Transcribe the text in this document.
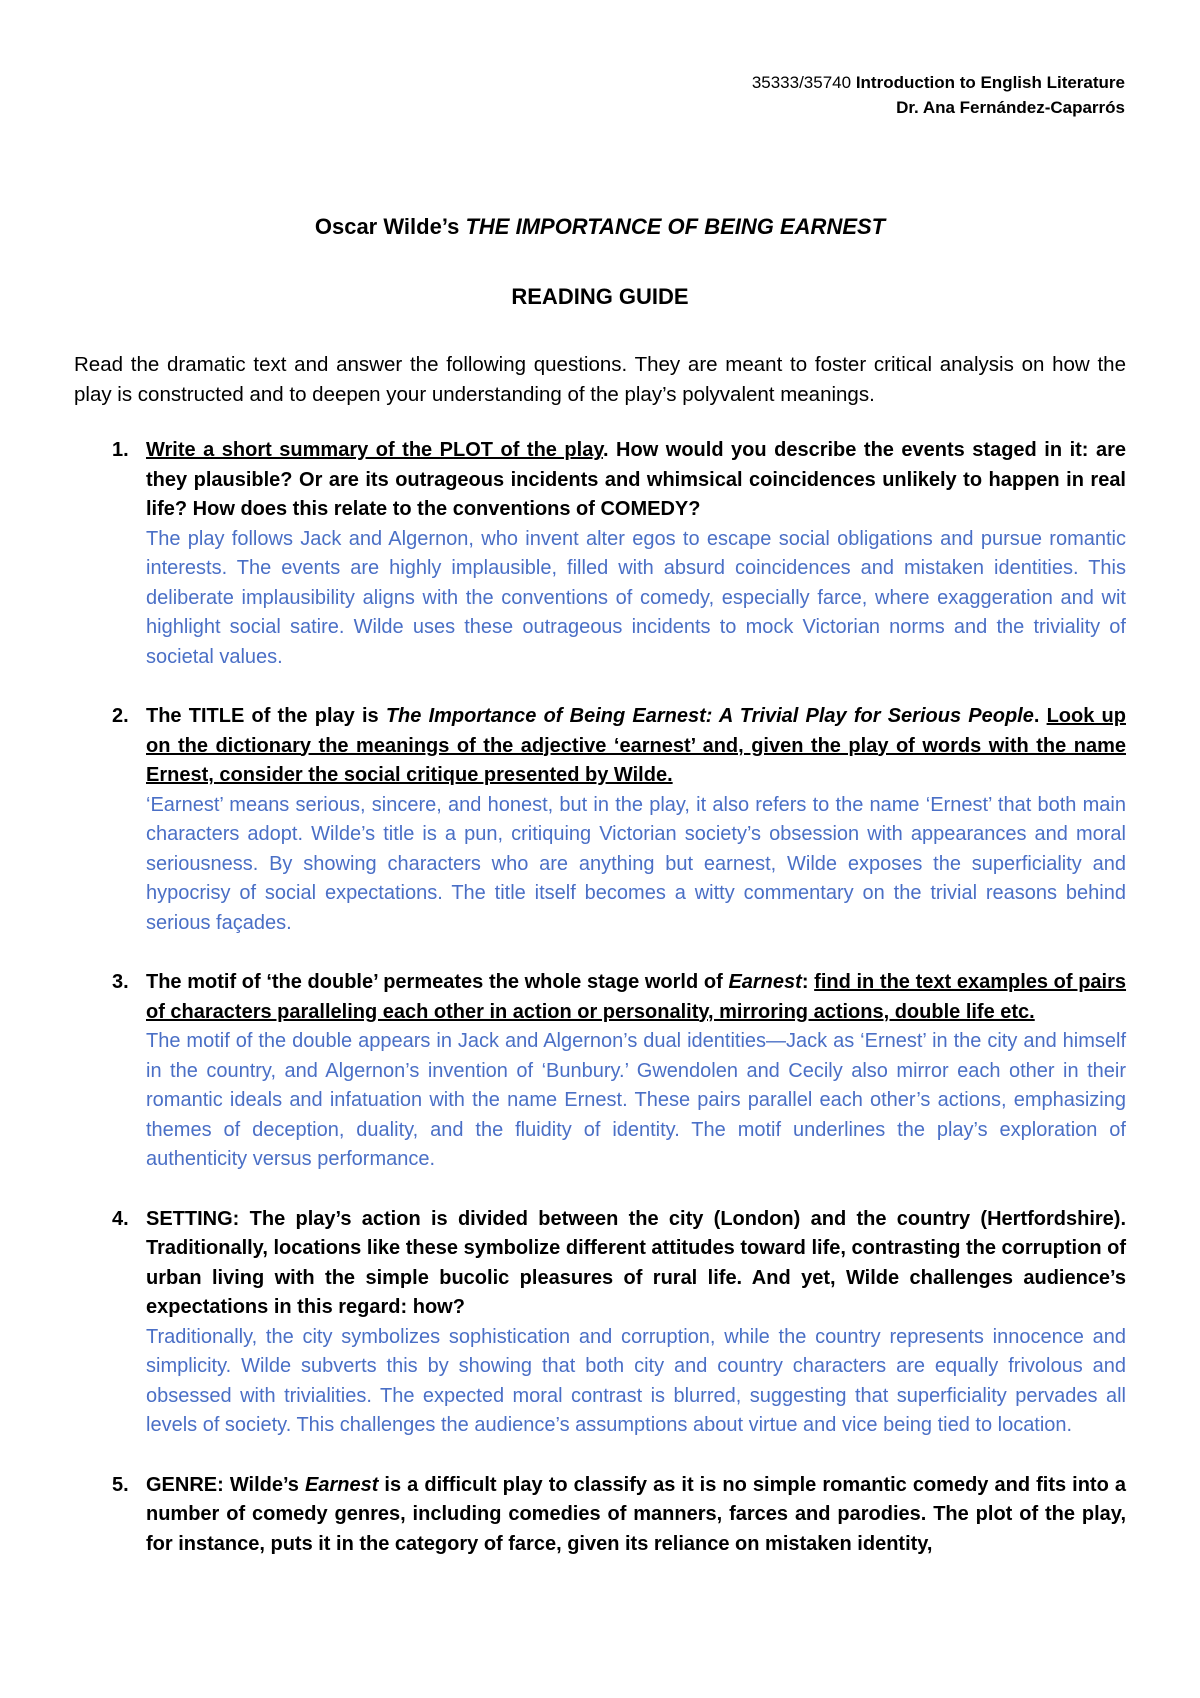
35333/35740 Introduction to English Literature
Dr. Ana Fernández-Caparrós
Oscar Wilde’s THE IMPORTANCE OF BEING EARNEST
READING GUIDE
Read the dramatic text and answer the following questions. They are meant to foster critical analysis on how the play is constructed and to deepen your understanding of the play’s polyvalent meanings.
1. Write a short summary of the PLOT of the play. How would you describe the events staged in it: are they plausible? Or are its outrageous incidents and whimsical coincidences unlikely to happen in real life? How does this relate to the conventions of COMEDY?
The play follows Jack and Algernon, who invent alter egos to escape social obligations and pursue romantic interests. The events are highly implausible, filled with absurd coincidences and mistaken identities. This deliberate implausibility aligns with the conventions of comedy, especially farce, where exaggeration and wit highlight social satire. Wilde uses these outrageous incidents to mock Victorian norms and the triviality of societal values.
2. The TITLE of the play is The Importance of Being Earnest: A Trivial Play for Serious People. Look up on the dictionary the meanings of the adjective ‘earnest’ and, given the play of words with the name Ernest, consider the social critique presented by Wilde.
‘Earnest’ means serious, sincere, and honest, but in the play, it also refers to the name ‘Ernest’ that both main characters adopt. Wilde’s title is a pun, critiquing Victorian society’s obsession with appearances and moral seriousness. By showing characters who are anything but earnest, Wilde exposes the superficiality and hypocrisy of social expectations. The title itself becomes a witty commentary on the trivial reasons behind serious façades.
3. The motif of ‘the double’ permeates the whole stage world of Earnest: find in the text examples of pairs of characters paralleling each other in action or personality, mirroring actions, double life etc.
The motif of the double appears in Jack and Algernon’s dual identities—Jack as ‘Ernest’ in the city and himself in the country, and Algernon’s invention of ‘Bunbury.’ Gwendolen and Cecily also mirror each other in their romantic ideals and infatuation with the name Ernest. These pairs parallel each other’s actions, emphasizing themes of deception, duality, and the fluidity of identity. The motif underlines the play’s exploration of authenticity versus performance.
4. SETTING: The play’s action is divided between the city (London) and the country (Hertfordshire). Traditionally, locations like these symbolize different attitudes toward life, contrasting the corruption of urban living with the simple bucolic pleasures of rural life. And yet, Wilde challenges audience’s expectations in this regard: how?
Traditionally, the city symbolizes sophistication and corruption, while the country represents innocence and simplicity. Wilde subverts this by showing that both city and country characters are equally frivolous and obsessed with trivialities. The expected moral contrast is blurred, suggesting that superficiality pervades all levels of society. This challenges the audience’s assumptions about virtue and vice being tied to location.
5. GENRE: Wilde’s Earnest is a difficult play to classify as it is no simple romantic comedy and fits into a number of comedy genres, including comedies of manners, farces and parodies. The plot of the play, for instance, puts it in the category of farce, given its reliance on mistaken identity,
